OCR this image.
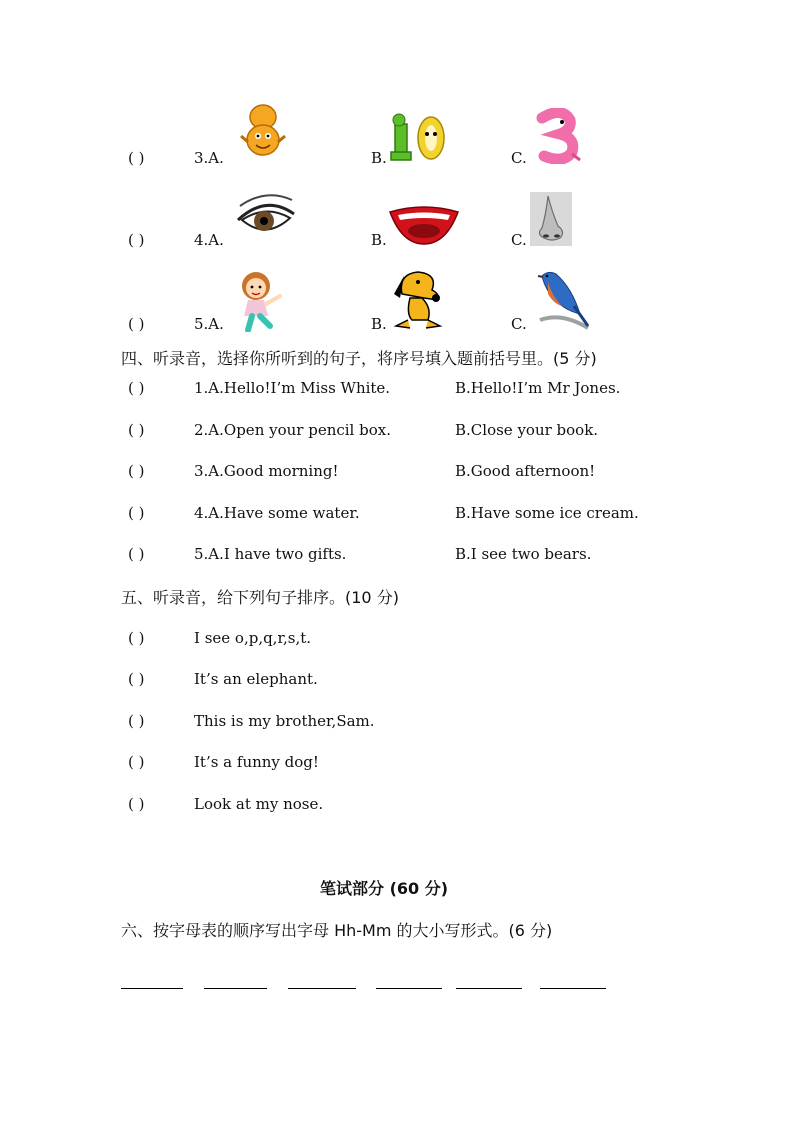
( )	3.A.	B.	C.
( )	4.A.	B.	C.
( )	5.A.	B.	C.
四、听录音，选择你所听到的句子，将序号填入题前括号里。(5 分)
( )	1.A.Hello!I’m Miss White.	B.Hello!I’m Mr Jones.
( )	2.A.Open your pencil box.	B.Close your book.
( )	3.A.Good morning!	B.Good afternoon!
( )	4.A.Have some water.	B.Have some ice cream.
( )	5.A.I have two gifts.	B.I see two bears.
五、听录音，给下列句子排序。(10 分)
( )	I see o,p,q,r,s,t.
( )	It’s an elephant.
( )	This is my brother,Sam.
( )	It’s a funny dog!
( )	Look at my nose.
笔试部分 (60 分)
六、按字母表的顺序写出字母 Hh-Mm 的大小写形式。(6 分)
